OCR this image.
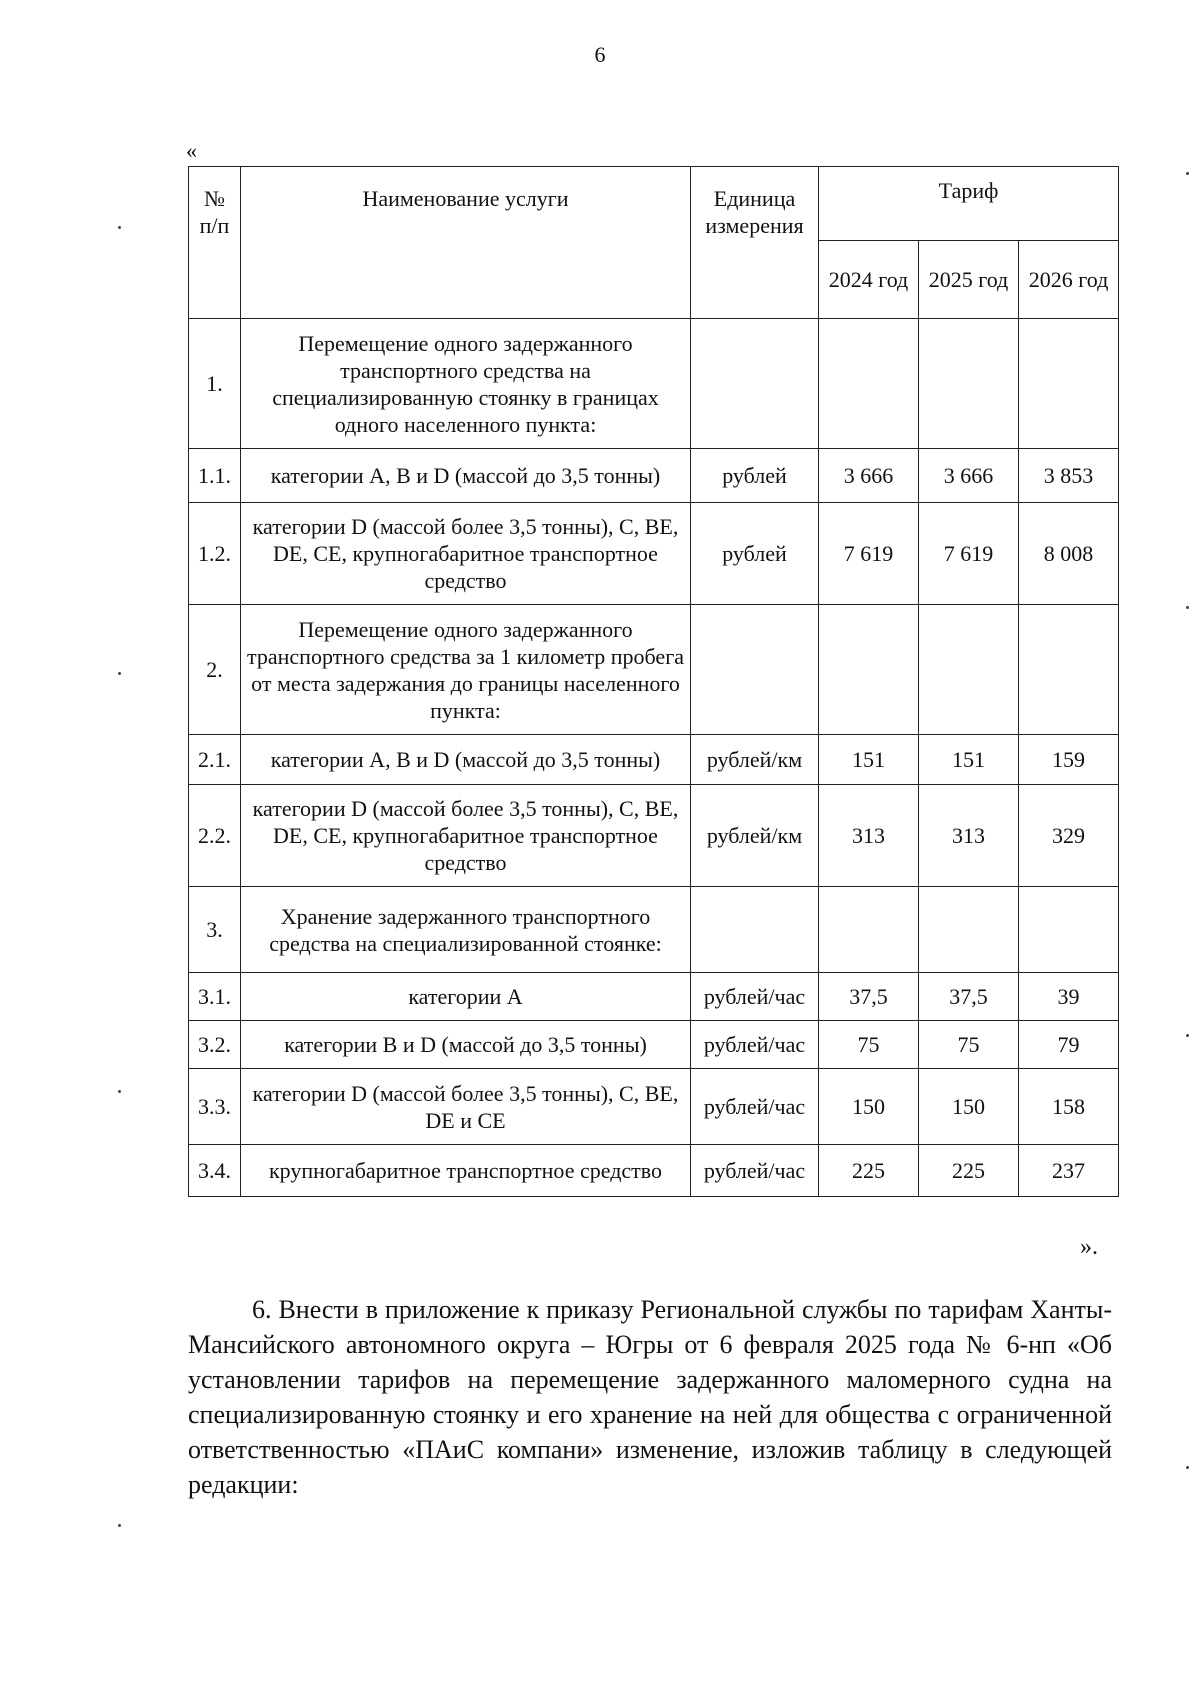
6
«
№ п/п	Наименование услуги	Единица измерения	Тариф		
			2024 год	2025 год	2026 год
1.	Перемещение одного задержанного транспортного средства на специализированную стоянку в границах одного населенного пункта:				
1.1.	категории А, В и D (массой до 3,5 тонны)	рублей	3 666	3 666	3 853
1.2.	категории D (массой более 3,5 тонны), С, ВЕ, DE, СЕ, крупногабаритное транспортное средство	рублей	7 619	7 619	8 008
2.	Перемещение одного задержанного транспортного средства за 1 километр пробега от места задержания до границы населенного пункта:				
2.1.	категории А, В и D (массой до 3,5 тонны)	рублей/км	151	151	159
2.2.	категории D (массой более 3,5 тонны), С, ВЕ, DE, СЕ, крупногабаритное транспортное средство	рублей/км	313	313	329
3.	Хранение задержанного транспортного средства на специализированной стоянке:				
3.1.	категории А	рублей/час	37,5	37,5	39
3.2.	категории В и D (массой до 3,5 тонны)	рублей/час	75	75	79
3.3.	категории D (массой более 3,5 тонны), С, ВЕ, DE и СЕ	рублей/час	150	150	158
3.4.	крупногабаритное транспортное средство	рублей/час	225	225	237
».
6. Внести в приложение к приказу Региональной службы по тарифам Ханты-Мансийского автономного округа – Югры от 6 февраля 2025 года № 6-нп «Об установлении тарифов на перемещение задержанного маломерного судна на специализированную стоянку и его хранение на ней для общества с ограниченной ответственностью «ПАиС компани» изменение, изложив таблицу в следующей редакции:
